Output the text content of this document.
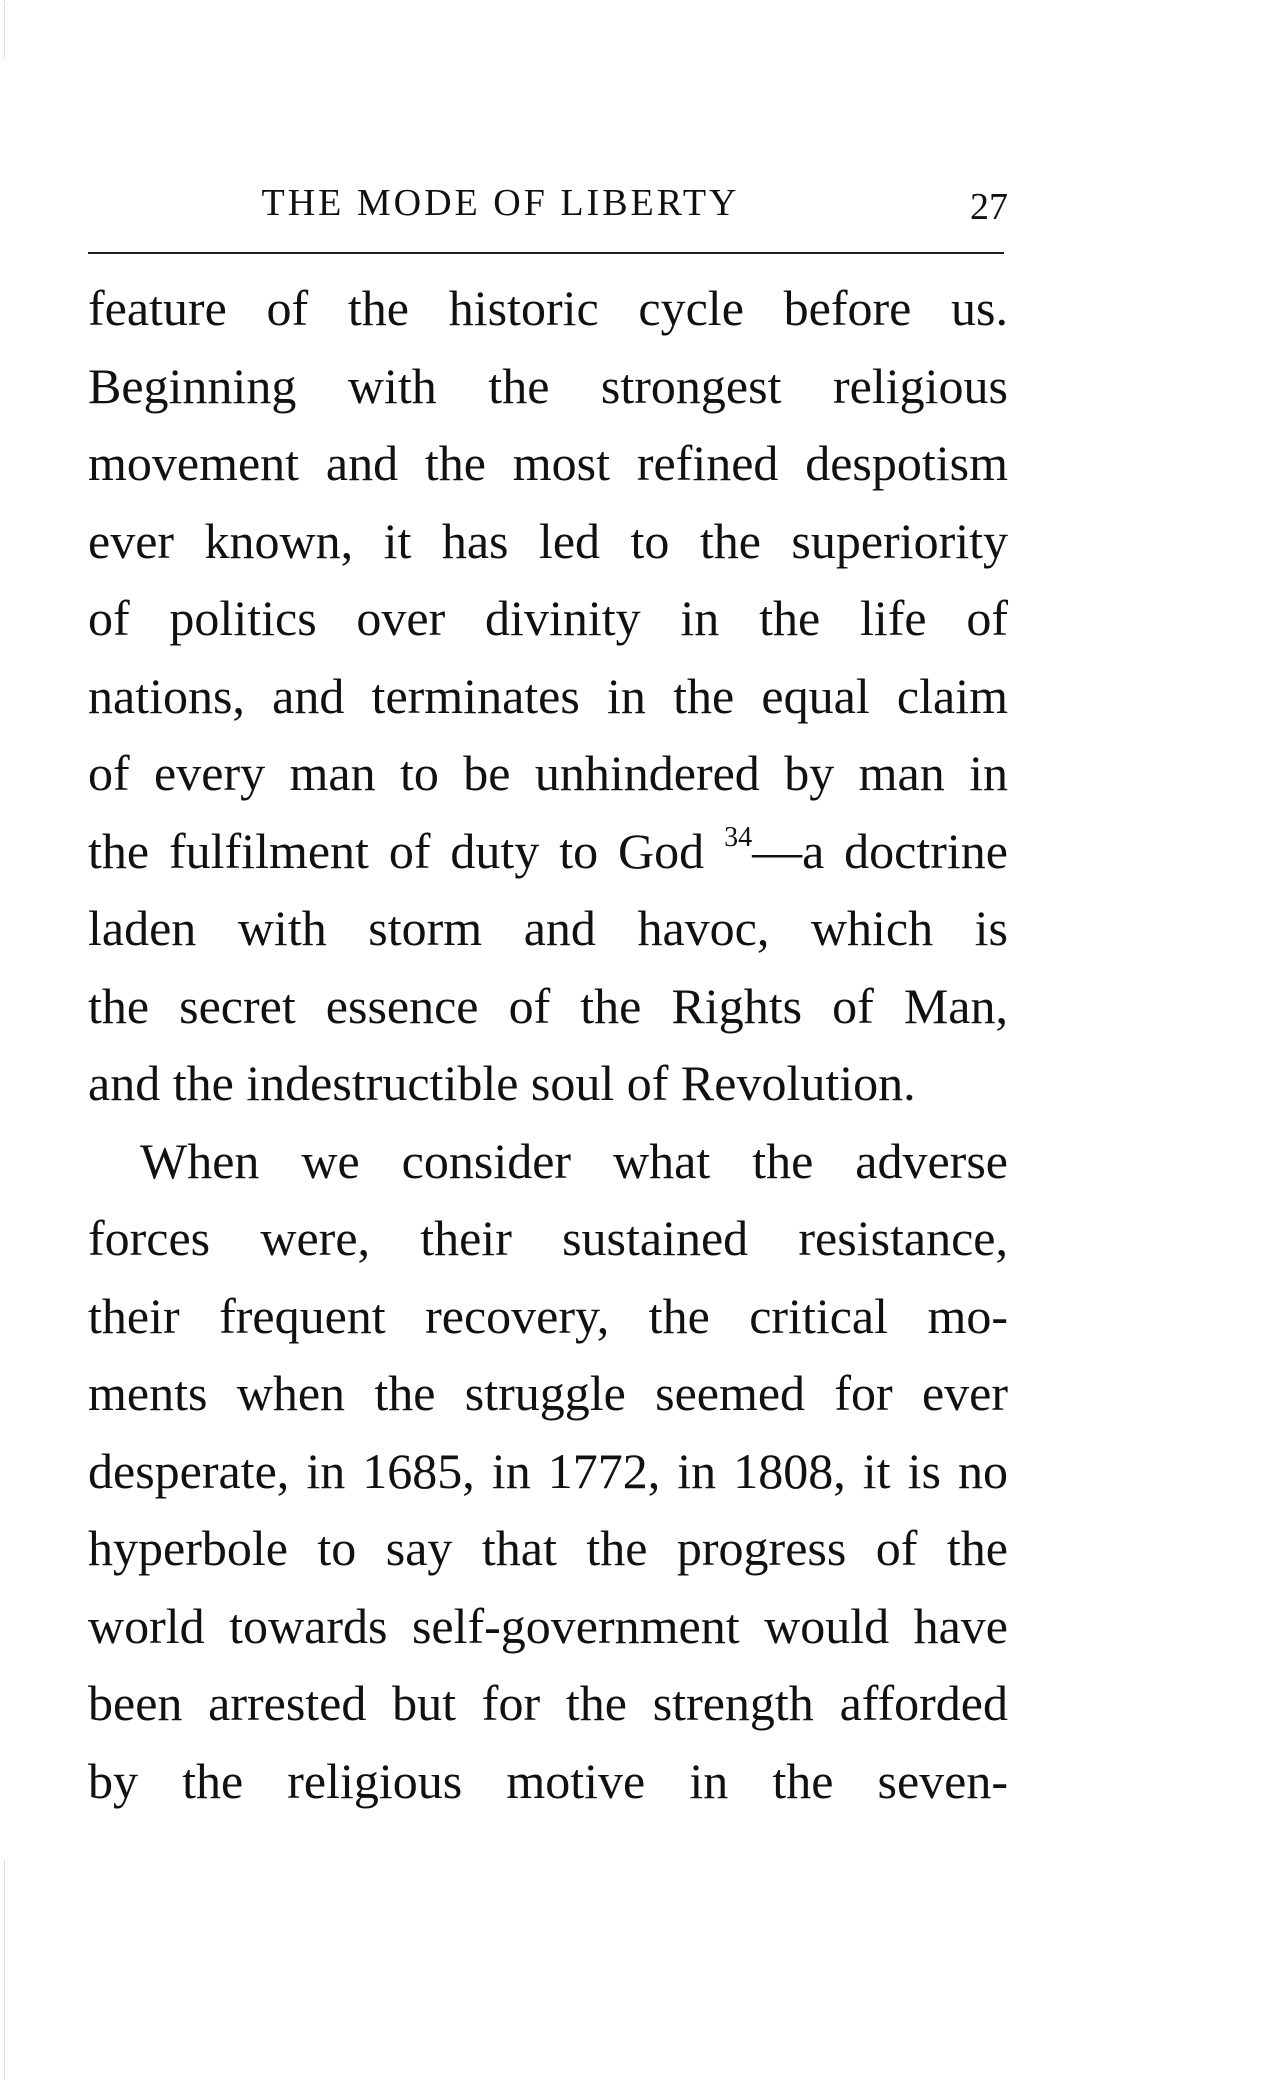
THE MODE OF LIBERTY	27
feature of the historic cycle before us.
Beginning with the strongest religious
movement and the most refined despotism
ever known, it has led to the superiority
of politics over divinity in the life of
nations, and terminates in the equal claim
of every man to be unhindered by man in
the fulfilment of duty to God $^{34}$—a doctrine
laden with storm and havoc, which is
the secret essence of the Rights of Man,
and the indestructible soul of Revolution.
When we consider what the adverse
forces were, their sustained resistance,
their frequent recovery, the critical mo-
ments when the struggle seemed for ever
desperate, in 1685, in 1772, in 1808, it is no
hyperbole to say that the progress of the
world towards self-government would have
been arrested but for the strength afforded
by the religious motive in the seven-
